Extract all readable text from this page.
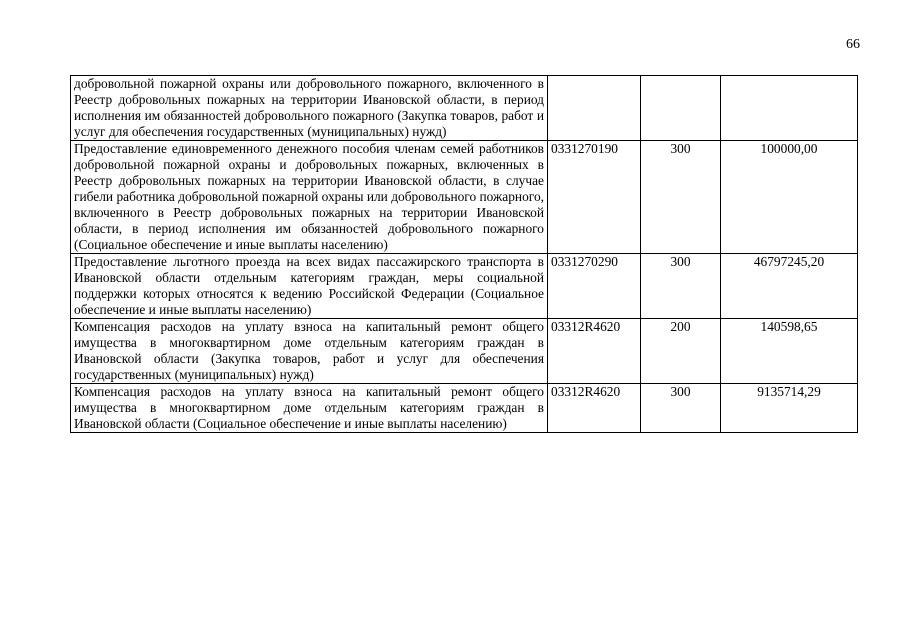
66
добровольной пожарной охраны или добровольного пожарного, включенного в Реестр добровольных пожарных на территории Ивановской области, в период исполнения им обязанностей добровольного пожарного (Закупка товаров, работ и услуг для обеспечения государственных (муниципальных) нужд)			
Предоставление единовременного денежного пособия членам семей работников добровольной пожарной охраны и добровольных пожарных, включенных в Реестр добровольных пожарных на территории Ивановской области, в случае гибели работника добровольной пожарной охраны или добровольного пожарного, включенного в Реестр добровольных пожарных на территории Ивановской области, в период исполнения им обязанностей добровольного пожарного (Социальное обеспечение и иные выплаты населению)	0331270190	300	100000,00
Предоставление льготного проезда на всех видах пассажирского транспорта в Ивановской области отдельным категориям граждан, меры социальной поддержки которых относятся к ведению Российской Федерации (Социальное обеспечение и иные выплаты населению)	0331270290	300	46797245,20
Компенсация расходов на уплату взноса на капитальный ремонт общего имущества в многоквартирном доме отдельным категориям граждан в Ивановской области (Закупка товаров, работ и услуг для обеспечения государственных (муниципальных) нужд)	03312R4620	200	140598,65
Компенсация расходов на уплату взноса на капитальный ремонт общего имущества в многоквартирном доме отдельным категориям граждан в Ивановской области (Социальное обеспечение и иные выплаты населению)	03312R4620	300	9135714,29
